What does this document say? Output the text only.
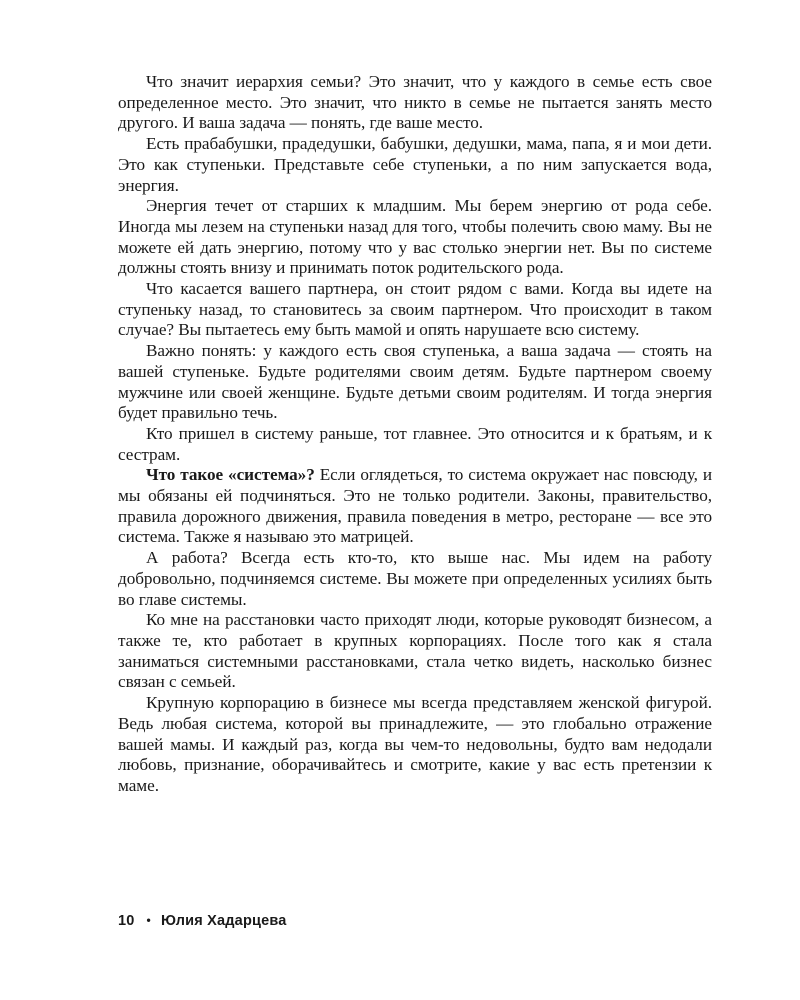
Что значит иерархия семьи? Это значит, что у каждого в семье есть свое определенное место. Это значит, что никто в семье не пытается занять место другого. И ваша задача — понять, где ваше место.

Есть прабабушки, прадедушки, бабушки, дедушки, мама, папа, я и мои дети. Это как ступеньки. Представьте себе ступеньки, а по ним запускается вода, энергия.

Энергия течет от старших к младшим. Мы берем энергию от рода себе. Иногда мы лезем на ступеньки назад для того, чтобы полечить свою маму. Вы не можете ей дать энергию, потому что у вас столько энергии нет. Вы по системе должны стоять внизу и принимать поток родительского рода.

Что касается вашего партнера, он стоит рядом с вами. Когда вы идете на ступеньку назад, то становитесь за своим партнером. Что происходит в таком случае? Вы пытаетесь ему быть мамой и опять нарушаете всю систему.

Важно понять: у каждого есть своя ступенька, а ваша задача — стоять на вашей ступеньке. Будьте родителями своим детям. Будьте партнером своему мужчине или своей женщине. Будьте детьми своим родителям. И тогда энергия будет правильно течь.

Кто пришел в систему раньше, тот главнее. Это относится и к братьям, и к сестрам.

Что такое «система»? Если оглядеться, то система окружает нас повсюду, и мы обязаны ей подчиняться. Это не только родители. Законы, правительство, правила дорожного движения, правила поведения в метро, ресторане — все это система. Также я называю это матрицей.

А работа? Всегда есть кто-то, кто выше нас. Мы идем на работу добровольно, подчиняемся системе. Вы можете при определенных усилиях быть во главе системы.

Ко мне на расстановки часто приходят люди, которые руководят бизнесом, а также те, кто работает в крупных корпорациях. После того как я стала заниматься системными расстановками, стала четко видеть, насколько бизнес связан с семьей.

Крупную корпорацию в бизнесе мы всегда представляем женской фигурой. Ведь любая система, которой вы принадлежите, — это глобально отражение вашей мамы. И каждый раз, когда вы чем-то недовольны, будто вам недодали любовь, признание, оборачивайтесь и смотрите, какие у вас есть претензии к маме.

10 • Юлия Хадарцева
